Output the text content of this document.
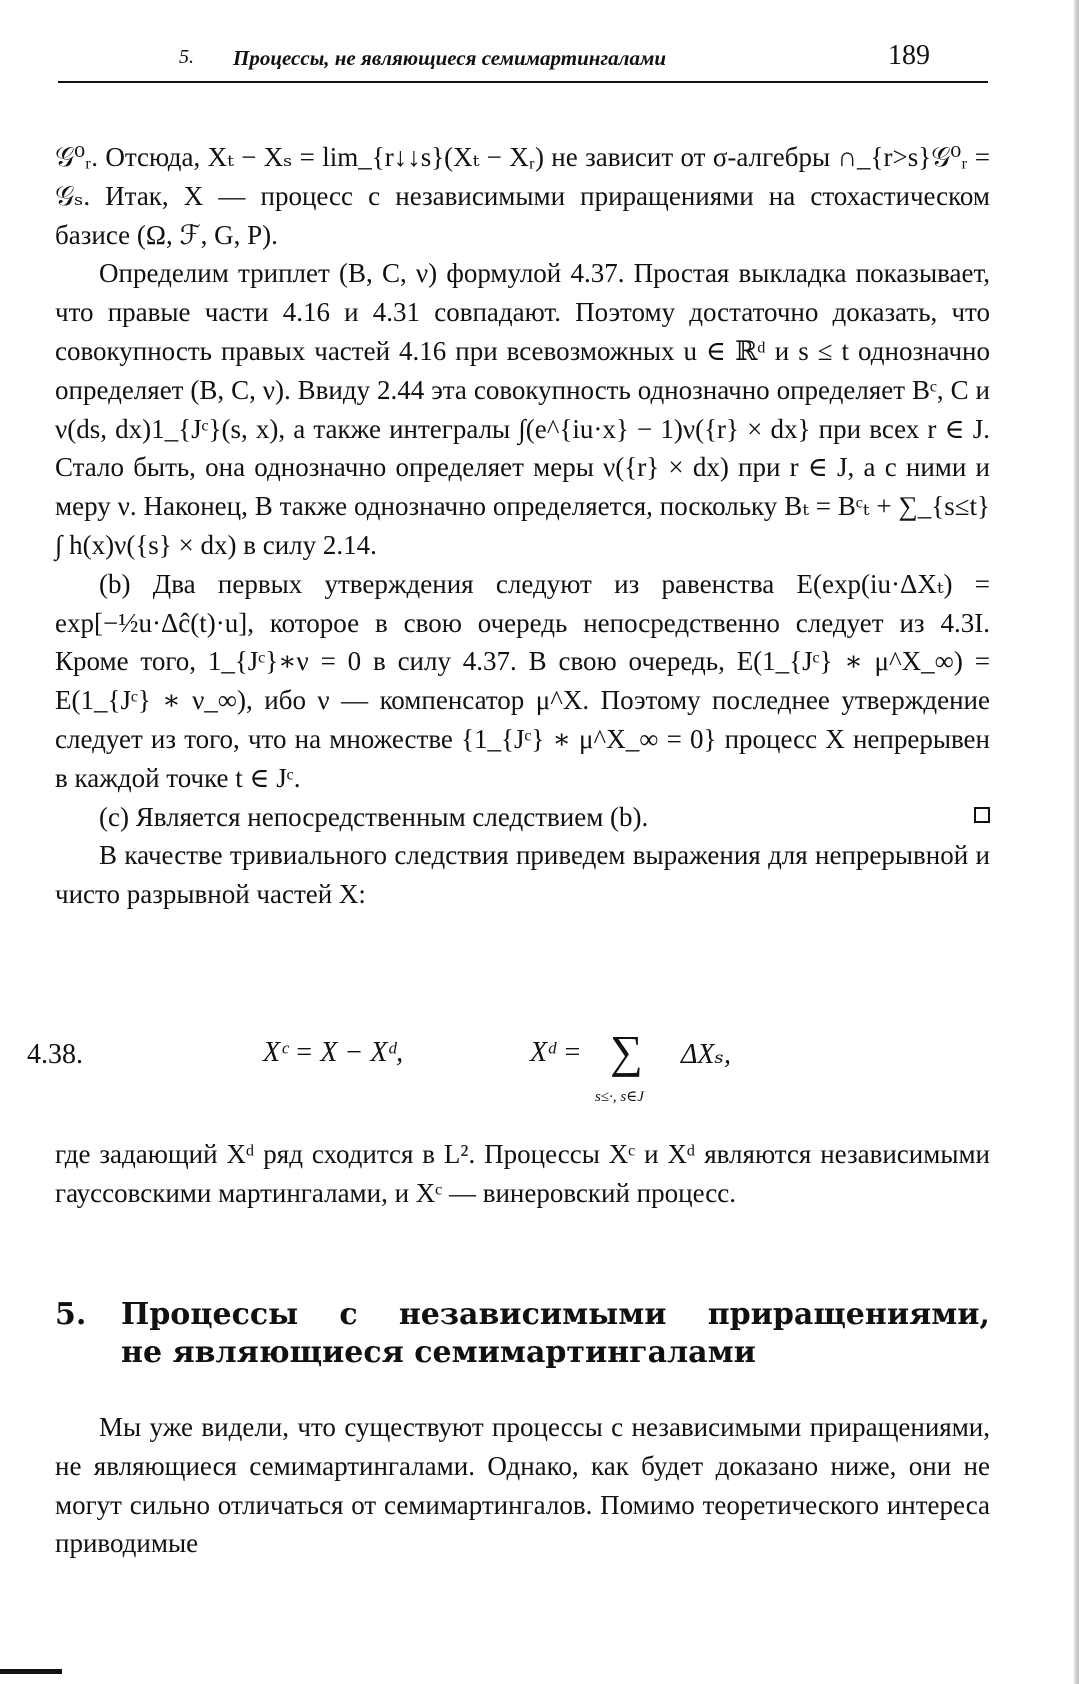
5. Процессы, не являющиеся семимартингалами	189

𝒢⁰ᵣ. Отсюда, Xₜ − Xₛ = lim_{r↓↓s}(Xₜ − Xᵣ) не зависит от σ-алгебры ∩_{r>s}𝒢⁰ᵣ = 𝒢ₛ. Итак, X — процесс с независимыми приращениями на стохастическом базисе (Ω, ℱ, G, P).

Определим триплет (B, C, ν) формулой 4.37. Простая выкладка показывает, что правые части 4.16 и 4.31 совпадают. Поэтому достаточно доказать, что совокупность правых частей 4.16 при всевозможных u ∈ ℝᵈ и s ≤ t однозначно определяет (B, C, ν). Ввиду 2.44 эта совокупность однозначно определяет Bᶜ, C и ν(ds, dx)1_{Jᶜ}(s, x), а также интегралы ∫(e^{iu·x} − 1)ν({r} × dx} при всех r ∈ J. Стало быть, она однозначно определяет меры ν({r} × dx) при r ∈ J, а с ними и меру ν. Наконец, B также однозначно определяется, поскольку Bₜ = Bᶜₜ + ∑_{s≤t} ∫ h(x)ν({s} × dx) в силу 2.14.

(b) Два первых утверждения следуют из равенства E(exp(iu·ΔXₜ) = exp[−½u·Δĉ(t)·u], которое в свою очередь непосредственно следует из 4.3I. Кроме того, 1_{Jᶜ}∗ν = 0 в силу 4.37. В свою очередь, E(1_{Jᶜ} ∗ μ^X_∞) = E(1_{Jᶜ} ∗ ν_∞), ибо ν — компенсатор μ^X. Поэтому последнее утверждение следует из того, что на множестве {1_{Jᶜ} ∗ μ^X_∞ = 0} процесс X непрерывен в каждой точке t ∈ Jᶜ.

(c) Является непосредственным следствием (b).

В качестве тривиального следствия приведем выражения для непрерывной и чисто разрывной частей X:

4.38.	Xᶜ = X − Xᵈ,	Xᵈ = ∑
s≤·, s∈J
ΔXₛ,
где задающий Xᵈ ряд сходится в L². Процессы Xᶜ и Xᵈ являются независимыми гауссовскими мартингалами, и Xᶜ — винеровский процесс.
5. Процессы с независимыми приращениями,
не являющиеся семимартингалами
Мы уже видели, что существуют процессы с независимыми приращениями, не являющиеся семимартингалами. Однако, как будет доказано ниже, они не могут сильно отличаться от семимартингалов. Помимо теоретического интереса приводимые
